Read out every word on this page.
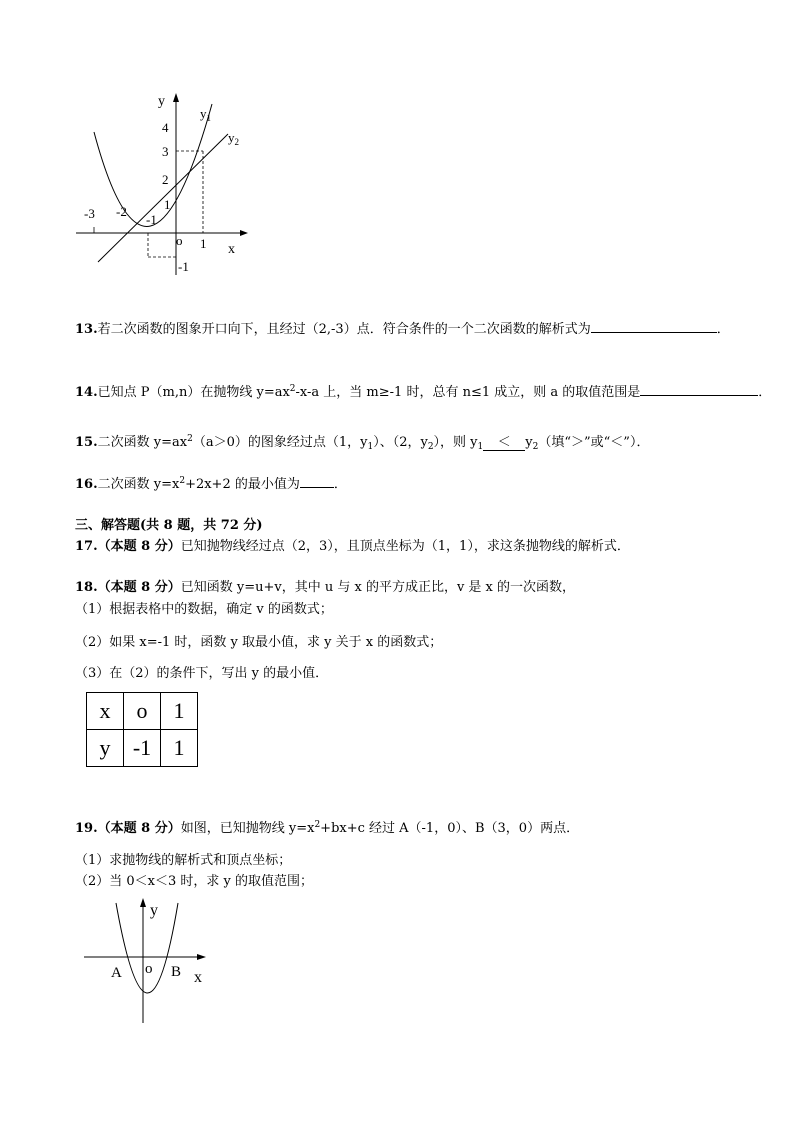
y
x
o
$y_1$
$y_2$
4
3
2
1
-1
-3 -2
-1
1
13.若二次函数的图象开口向下，且经过（2,-3）点．符合条件的一个二次函数的解析式为	．
14.已知点 P（m,n）在抛物线 $y=ax^2-x-a$ 上，当 m≥-1 时，总有 n≤1 成立，则 a 的取值范围是	．
15.二次函数 $y=ax^2(a>0)$的图象经过点（1，$y_1$）、（2，$y_2$），则 $y_1 < y_2$（填“＞”或“＜”）．
16.二次函数 $y=x^2+2x+2$ 的最小值为	．
三、解答题(共 8 题，共 72 分)
17.（本题 8 分）已知抛物线经过点（2，3），且顶点坐标为（1，1），求这条抛物线的解析式．
18.（本题 8 分）已知函数 y=u+v，其中 u 与 x 的平方成正比，v 是 x 的一次函数，
（1）根据表格中的数据，确定 v 的函数式；
（2）如果 x=-1 时，函数 y 取最小值，求 y 关于 x 的函数式；
（3）在（2）的条件下，写出 y 的最小值．
x	o	1
y	-1	1
19.（本题 8 分）如图，已知抛物线 $y=x^2+bx+c$ 经过 A（-1，0）、B（3，0）两点．
（1）求抛物线的解析式和顶点坐标；
（2）当 0＜x＜3 时，求 y 的取值范围；
y
x
o
A	B
